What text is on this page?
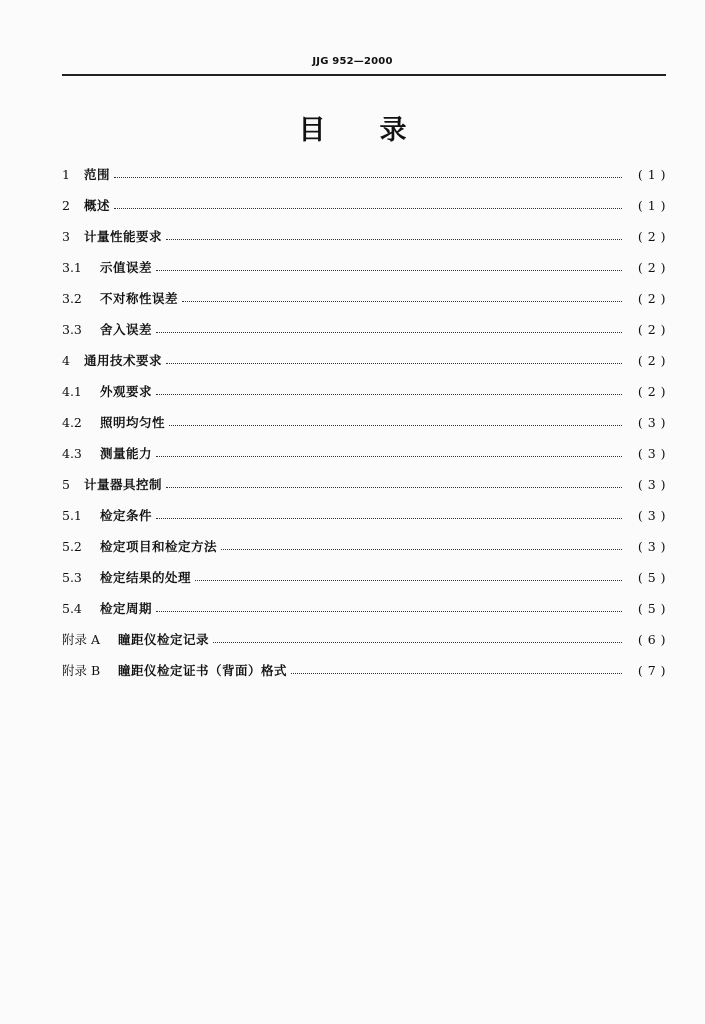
JJG 952—2000
目录
1	范围	( 1 )
2	概述	( 1 )
3	计量性能要求	( 2 )
3.1	示值误差	( 2 )
3.2	不对称性误差	( 2 )
3.3	舍入误差	( 2 )
4	通用技术要求	( 2 )
4.1	外观要求	( 2 )
4.2	照明均匀性	( 3 )
4.3	测量能力	( 3 )
5	计量器具控制	( 3 )
5.1	检定条件	( 3 )
5.2	检定项目和检定方法	( 3 )
5.3	检定结果的处理	( 5 )
5.4	检定周期	( 5 )
附录 A	瞳距仪检定记录	( 6 )
附录 B	瞳距仪检定证书（背面）格式	( 7 )
